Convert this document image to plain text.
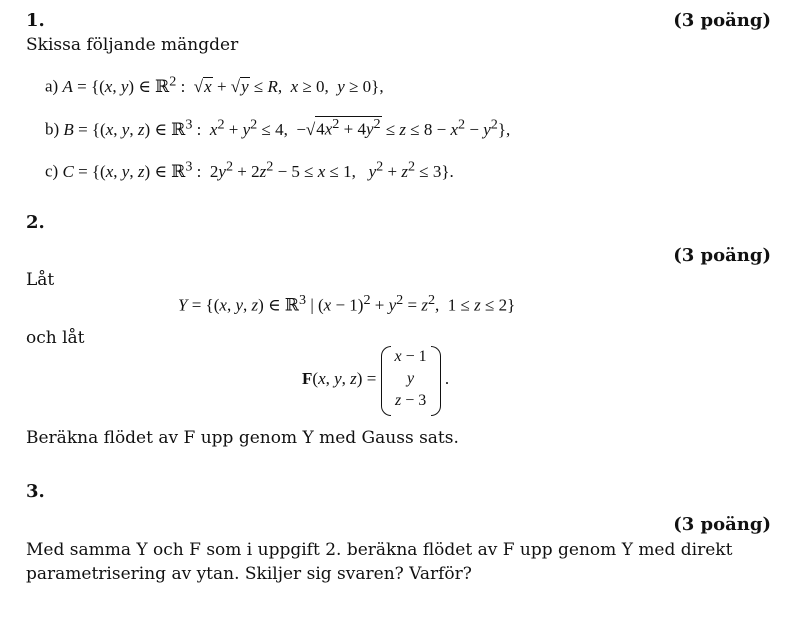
1.	(3 poäng)
Skissa följande mängder
a) A = {(x, y) ∈ ℝ$^2$ :  √x + √y ≤ R,  x ≥ 0,  y ≥ 0},
b) B = {(x, y, z) ∈ ℝ$^3$ :  $x^2 + y^2 \le 4$,  $-√4x^2 + 4y^2 \le z \le 8 - x^2 - y^2$},
c) C = {(x, y, z) ∈ ℝ$^3$ :  $2y^2 + 2z^2 - 5 \le x \le 1$,   $y^2 + z^2 \le 3$}.
2.
(3 poäng)
Låt
Y = {(x, y, z) ∈ ℝ$^3$ | $(x - 1)^2 + y^2 = z^2$,  1 ≤ z ≤ 2}
och låt
F(x, y, z) =
x − 1
y
z − 3
.
Beräkna flödet av F upp genom Y med Gauss sats.
3.
(3 poäng)
Med samma Y och F som i uppgift 2. beräkna flödet av F upp genom Y med direkt
parametrisering av ytan. Skiljer sig svaren? Varför?
